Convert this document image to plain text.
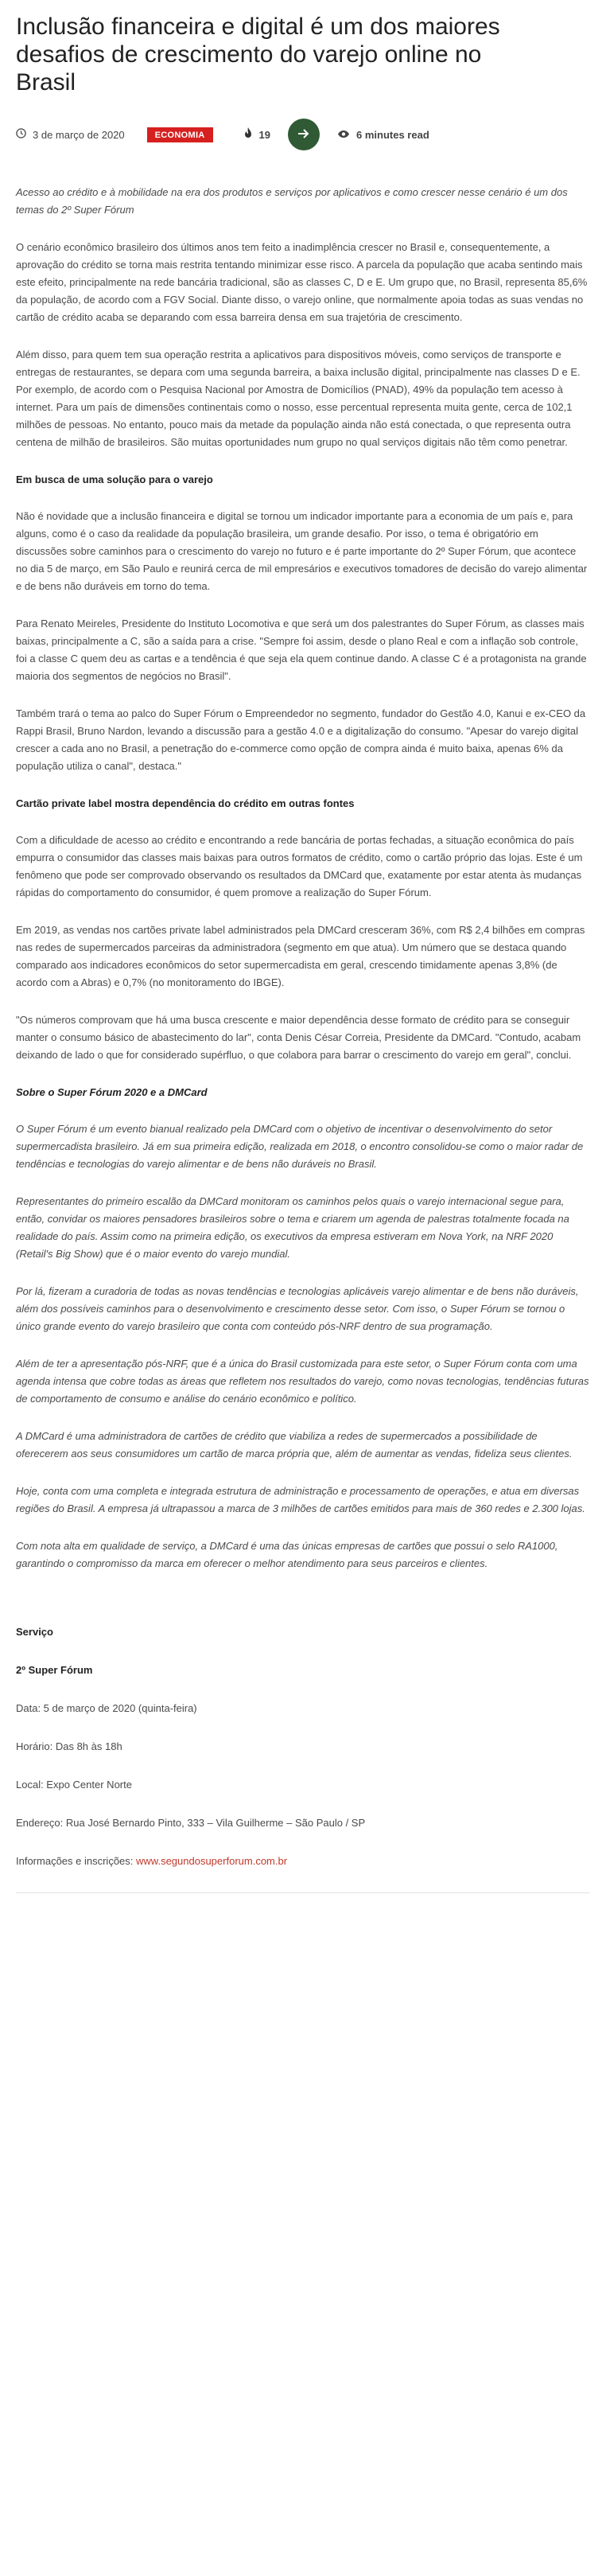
Inclusão financeira e digital é um dos maiores desafios de crescimento do varejo online no Brasil
3 de março de 2020	ECONOMIA	19	6 minutes read

Acesso ao crédito e à mobilidade na era dos produtos e serviços por aplicativos e como crescer nesse cenário é um dos temas do 2º Super Fórum

O cenário econômico brasileiro dos últimos anos tem feito a inadimplência crescer no Brasil e, consequentemente, a aprovação do crédito se torna mais restrita tentando minimizar esse risco. A parcela da população que acaba sentindo mais este efeito, principalmente na rede bancária tradicional, são as classes C, D e E. Um grupo que, no Brasil, representa 85,6% da população, de acordo com a FGV Social. Diante disso, o varejo online, que normalmente apoia todas as suas vendas no cartão de crédito acaba se deparando com essa barreira densa em sua trajetória de crescimento.

Além disso, para quem tem sua operação restrita a aplicativos para dispositivos móveis, como serviços de transporte e entregas de restaurantes, se depara com uma segunda barreira, a baixa inclusão digital, principalmente nas classes D e E. Por exemplo, de acordo com o Pesquisa Nacional por Amostra de Domicílios (PNAD), 49% da população tem acesso à internet. Para um país de dimensões continentais como o nosso, esse percentual representa muita gente, cerca de 102,1 milhões de pessoas. No entanto, pouco mais da metade da população ainda não está conectada, o que representa outra centena de milhão de brasileiros. São muitas oportunidades num grupo no qual serviços digitais não têm como penetrar.

Em busca de uma solução para o varejo

Não é novidade que a inclusão financeira e digital se tornou um indicador importante para a economia de um país e, para alguns, como é o caso da realidade da população brasileira, um grande desafio. Por isso, o tema é obrigatório em discussões sobre caminhos para o crescimento do varejo no futuro e é parte importante do 2º Super Fórum, que acontece no dia 5 de março, em São Paulo e reunirá cerca de mil empresários e executivos tomadores de decisão do varejo alimentar e de bens não duráveis em torno do tema.

Para Renato Meireles, Presidente do Instituto Locomotiva e que será um dos palestrantes do Super Fórum, as classes mais baixas, principalmente a C, são a saída para a crise. "Sempre foi assim, desde o plano Real e com a inflação sob controle, foi a classe C quem deu as cartas e a tendência é que seja ela quem continue dando. A classe C é a protagonista na grande maioria dos segmentos de negócios no Brasil".

Também trará o tema ao palco do Super Fórum o Empreendedor no segmento, fundador do Gestão 4.0, Kanui e ex-CEO da Rappi Brasil, Bruno Nardon, levando a discussão para a gestão 4.0 e a digitalização do consumo. "Apesar do varejo digital crescer a cada ano no Brasil, a penetração do e-commerce como opção de compra ainda é muito baixa, apenas 6% da população utiliza o canal", destaca."

Cartão private label mostra dependência do crédito em outras fontes

Com a dificuldade de acesso ao crédito e encontrando a rede bancária de portas fechadas, a situação econômica do país empurra o consumidor das classes mais baixas para outros formatos de crédito, como o cartão próprio das lojas. Este é um fenômeno que pode ser comprovado observando os resultados da DMCard que, exatamente por estar atenta às mudanças rápidas do comportamento do consumidor, é quem promove a realização do Super Fórum.

Em 2019, as vendas nos cartões private label administrados pela DMCard cresceram 36%, com R$ 2,4 bilhões em compras nas redes de supermercados parceiras da administradora (segmento em que atua). Um número que se destaca quando comparado aos indicadores econômicos do setor supermercadista em geral, crescendo timidamente apenas 3,8% (de acordo com a Abras) e 0,7% (no monitoramento do IBGE).

"Os números comprovam que há uma busca crescente e maior dependência desse formato de crédito para se conseguir manter o consumo básico de abastecimento do lar", conta Denis César Correia, Presidente da DMCard. "Contudo, acabam deixando de lado o que for considerado supérfluo, o que colabora para barrar o crescimento do varejo em geral", conclui.

Sobre o Super Fórum 2020 e a DMCard

O Super Fórum é um evento bianual realizado pela DMCard com o objetivo de incentivar o desenvolvimento do setor supermercadista brasileiro. Já em sua primeira edição, realizada em 2018, o encontro consolidou-se como o maior radar de tendências e tecnologias do varejo alimentar e de bens não duráveis no Brasil.

Representantes do primeiro escalão da DMCard monitoram os caminhos pelos quais o varejo internacional segue para, então, convidar os maiores pensadores brasileiros sobre o tema e criarem um agenda de palestras totalmente focada na realidade do país. Assim como na primeira edição, os executivos da empresa estiveram em Nova York, na NRF 2020 (Retail's Big Show) que é o maior evento do varejo mundial.

Por lá, fizeram a curadoria de todas as novas tendências e tecnologias aplicáveis varejo alimentar e de bens não duráveis, além dos possíveis caminhos para o desenvolvimento e crescimento desse setor. Com isso, o Super Fórum se tornou o único grande evento do varejo brasileiro que conta com conteúdo pós-NRF dentro de sua programação.

Além de ter a apresentação pós-NRF, que é a única do Brasil customizada para este setor, o Super Fórum conta com uma agenda intensa que cobre todas as áreas que refletem nos resultados do varejo, como novas tecnologias, tendências futuras de comportamento de consumo e análise do cenário econômico e político.

A DMCard é uma administradora de cartões de crédito que viabiliza a redes de supermercados a possibilidade de oferecerem aos seus consumidores um cartão de marca própria que, além de aumentar as vendas, fideliza seus clientes.

Hoje, conta com uma completa e integrada estrutura de administração e processamento de operações, e atua em diversas regiões do Brasil. A empresa já ultrapassou a marca de 3 milhões de cartões emitidos para mais de 360 redes e 2.300 lojas.

Com nota alta em qualidade de serviço, a DMCard é uma das únicas empresas de cartões que possui o selo RA1000, garantindo o compromisso da marca em oferecer o melhor atendimento para seus parceiros e clientes.

Serviço
2º Super Fórum

Data: 5 de março de 2020 (quinta-feira)

Horário: Das 8h às 18h

Local: Expo Center Norte

Endereço: Rua José Bernardo Pinto, 333 – Vila Guilherme – São Paulo / SP

Informações e inscrições: www.segundosuperforum.com.br
